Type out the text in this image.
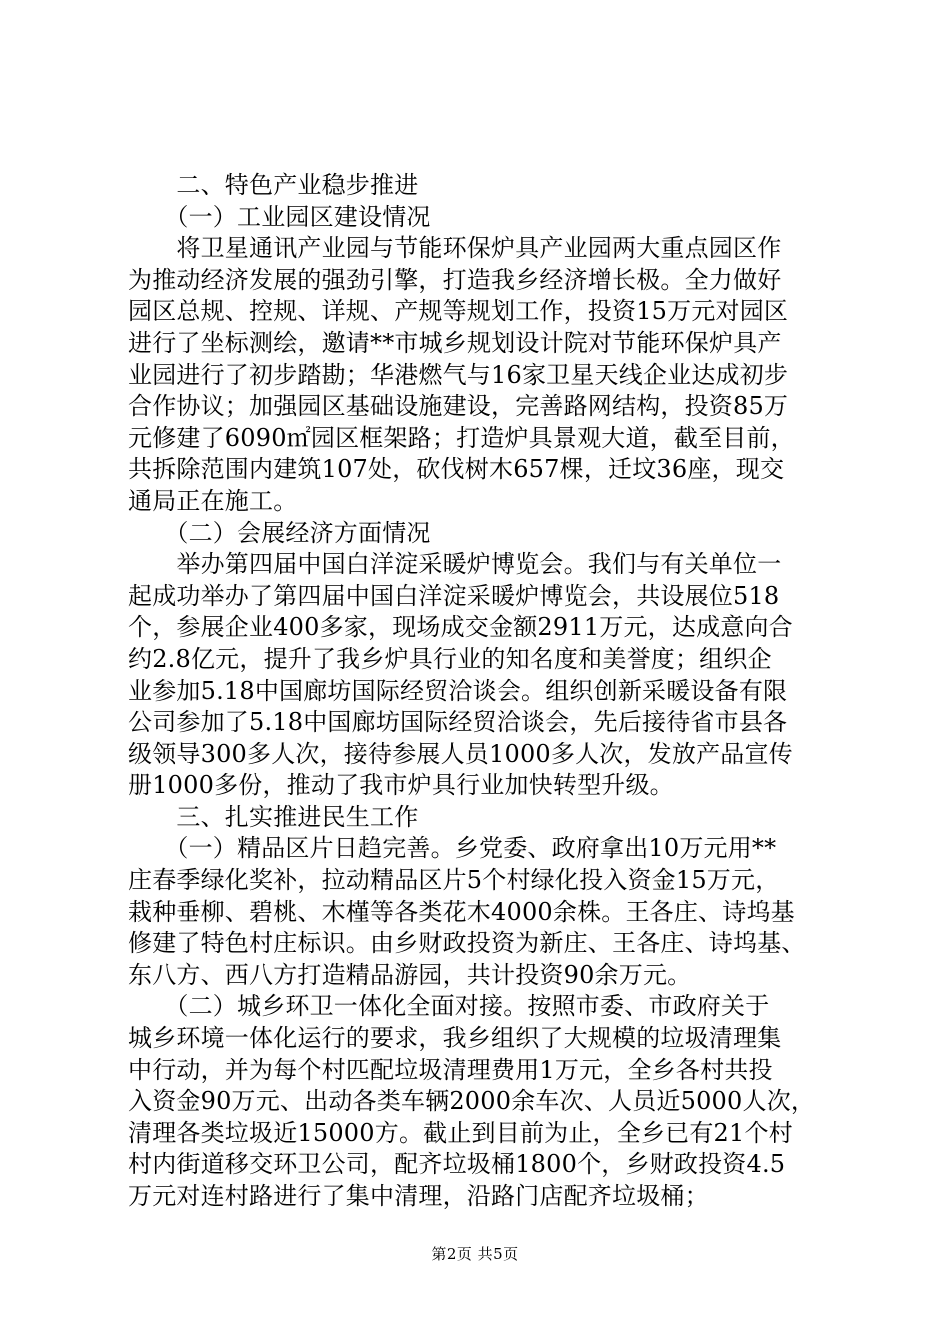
　　二、特色产业稳步推进
　　（一）工业园区建设情况
　　将卫星通讯产业园与节能环保炉具产业园两大重点园区作
为推动经济发展的强劲引擎，打造我乡经济增长极。全力做好
园区总规、控规、详规、产规等规划工作，投资15万元对园区
进行了坐标测绘，邀请**市城乡规划设计院对节能环保炉具产
业园进行了初步踏勘；华港燃气与16家卫星天线企业达成初步
合作协议；加强园区基础设施建设，完善路网结构，投资85万
元修建了6090㎡园区框架路；打造炉具景观大道，截至目前，
共拆除范围内建筑107处，砍伐树木657棵，迁坟36座，现交
通局正在施工。
　　（二）会展经济方面情况
　　举办第四届中国白洋淀采暖炉博览会。我们与有关单位一
起成功举办了第四届中国白洋淀采暖炉博览会，共设展位518
个，参展企业400多家，现场成交金额2911万元，达成意向合
约2.8亿元，提升了我乡炉具行业的知名度和美誉度；组织企
业参加5.18中国廊坊国际经贸洽谈会。组织创新采暖设备有限
公司参加了5.18中国廊坊国际经贸洽谈会，先后接待省市县各
级领导300多人次，接待参展人员1000多人次，发放产品宣传
册1000多份，推动了我市炉具行业加快转型升级。
　　三、扎实推进民生工作
　　（一）精品区片日趋完善。乡党委、政府拿出10万元用**
庄春季绿化奖补，拉动精品区片5个村绿化投入资金15万元，
栽种垂柳、碧桃、木槿等各类花木4000余株。王各庄、诗坞基
修建了特色村庄标识。由乡财政投资为新庄、王各庄、诗坞基、
东八方、西八方打造精品游园，共计投资90余万元。
　　（二）城乡环卫一体化全面对接。按照市委、市政府关于
城乡环境一体化运行的要求，我乡组织了大规模的垃圾清理集
中行动，并为每个村匹配垃圾清理费用1万元，全乡各村共投
入资金90万元、出动各类车辆2000余车次、人员近5000人次，
清理各类垃圾近15000方。截止到目前为止，全乡已有21个村
村内街道移交环卫公司，配齐垃圾桶1800个，乡财政投资4.5
万元对连村路进行了集中清理，沿路门店配齐垃圾桶；
第2页 共5页
